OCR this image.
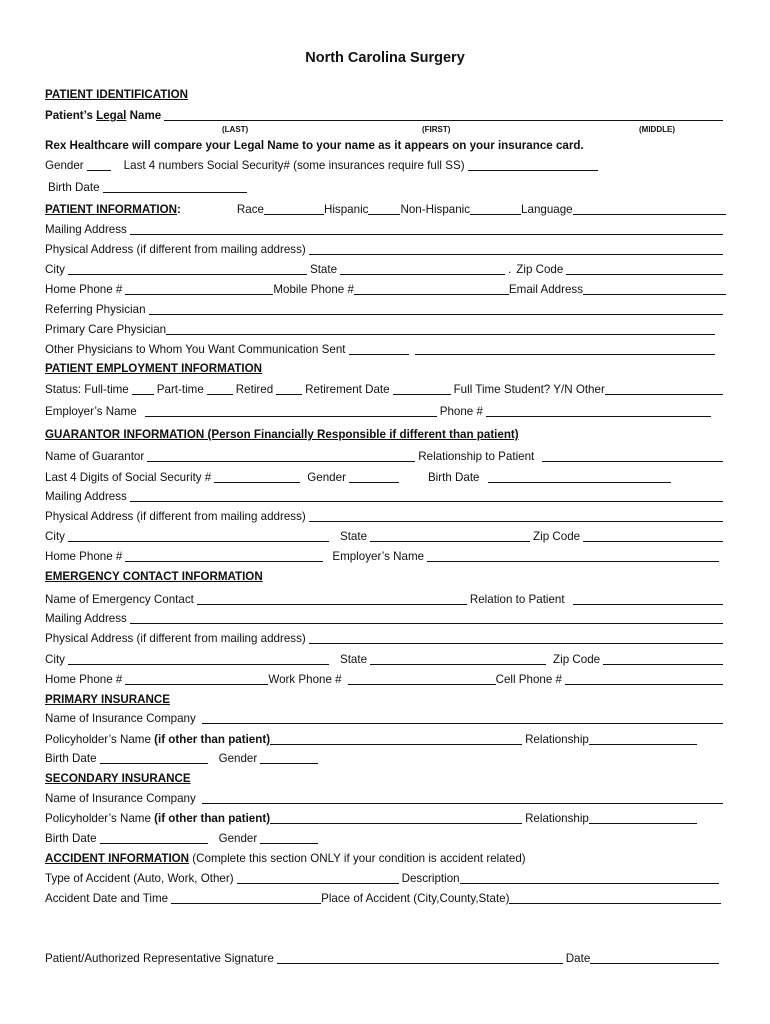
North Carolina Surgery
PATIENT IDENTIFICATION
Patient’s Legal Name
(LAST)	(FIRST)	(MIDDLE)
Rex Healthcare will compare your Legal Name to your name as it appears on your insurance card.
Gender	Last 4 numbers Social Security# (some insurances require full SS)
Birth Date
PATIENT INFORMATION:	Race	Hispanic	Non-Hispanic	Language
Mailing Address
Physical Address (if different from mailing address)
City	State	. Zip Code
Home Phone #	Mobile Phone #	Email Address
Referring Physician
Primary Care Physician
Other Physicians to Whom You Want Communication Sent
PATIENT EMPLOYMENT INFORMATION
Status: Full-time Part-time	Retired	Retirement Date	Full Time Student? Y/N Other
Employer’s Name	Phone #
GUARANTOR INFORMATION (Person Financially Responsible if different than patient)
Name of Guarantor	Relationship to Patient
Last 4 Digits of Social Security #	Gender	Birth Date
Mailing Address
Physical Address (if different from mailing address)
City	State	Zip Code
Home Phone #	Employer’s Name
EMERGENCY CONTACT INFORMATION
Name of Emergency Contact	Relation to Patient
Mailing Address
Physical Address (if different from mailing address)
City	State	Zip Code
Home Phone #	Work Phone #	Cell Phone #
PRIMARY INSURANCE
Name of Insurance Company
Policyholder’s Name (if other than patient)	Relationship
Birth Date	Gender
SECONDARY INSURANCE
Name of Insurance Company
Policyholder’s Name (if other than patient)	Relationship
Birth Date	Gender
ACCIDENT INFORMATION (Complete this section ONLY if your condition is accident related)
Type of Accident (Auto, Work, Other)	Description
Accident Date and Time	Place of Accident (City,County,State)
Patient/Authorized Representative Signature	Date
